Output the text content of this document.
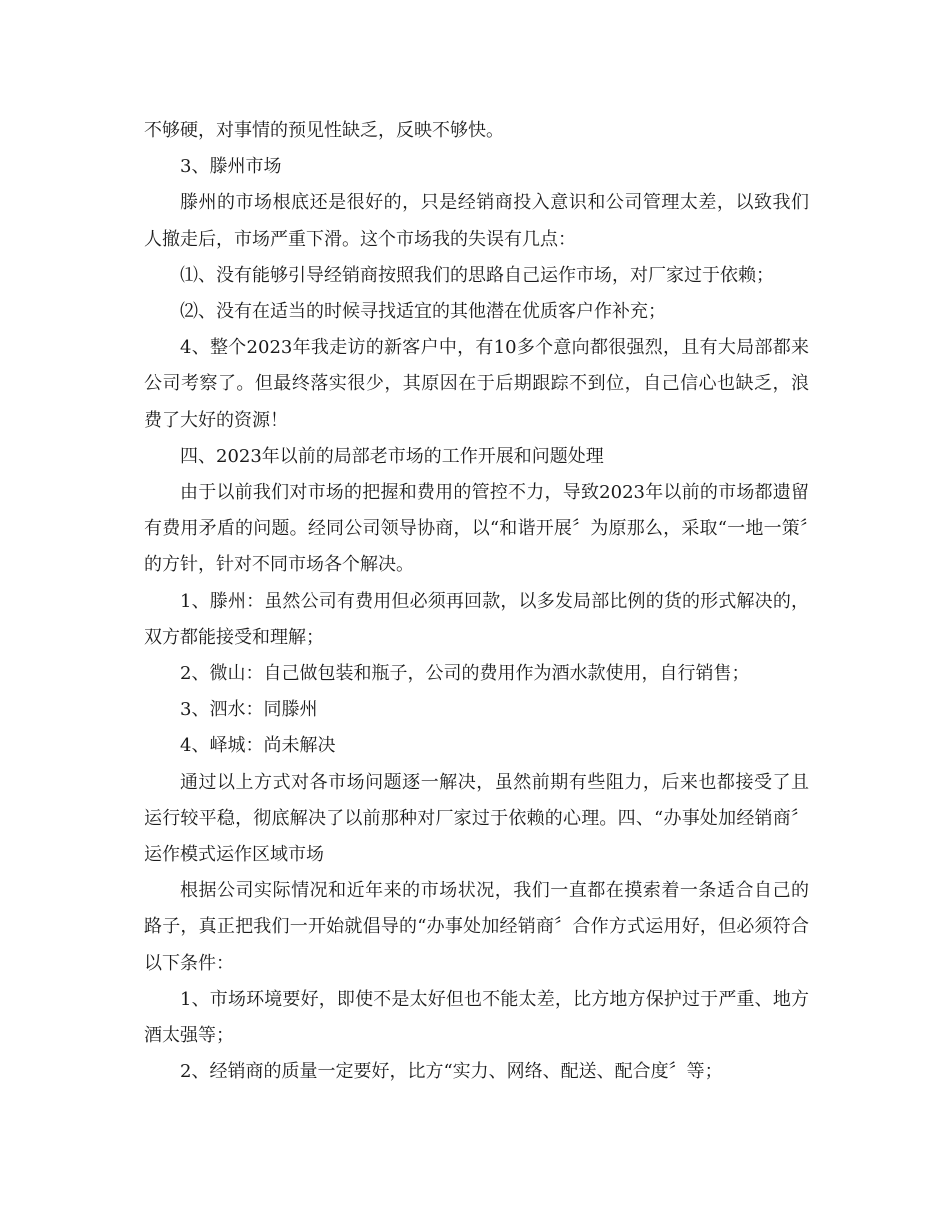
不够硬，对事情的预见性缺乏，反映不够快。

3、滕州市场

滕州的市场根底还是很好的，只是经销商投入意识和公司管理太差，以致我们人撤走后，市场严重下滑。这个市场我的失误有几点：

⑴、没有能够引导经销商按照我们的思路自己运作市场，对厂家过于依赖；

⑵、没有在适当的时候寻找适宜的其他潜在优质客户作补充；

4、整个2023年我走访的新客户中，有10多个意向都很强烈，且有大局部都来公司考察了。但最终落实很少，其原因在于后期跟踪不到位，自己信心也缺乏，浪费了大好的资源！

四、2023年以前的局部老市场的工作开展和问题处理

由于以前我们对市场的把握和费用的管控不力，导致2023年以前的市场都遗留有费用矛盾的问题。经同公司领导协商，以“和谐开展〞为原那么，采取“一地一策〞的方针，针对不同市场各个解决。

1、滕州：虽然公司有费用但必须再回款，以多发局部比例的货的形式解决的，双方都能接受和理解；

2、微山：自己做包装和瓶子，公司的费用作为酒水款使用，自行销售；

3、泗水：同滕州

4、峄城：尚未解决

通过以上方式对各市场问题逐一解决，虽然前期有些阻力，后来也都接受了且运行较平稳，彻底解决了以前那种对厂家过于依赖的心理。四、“办事处加经销商〞运作模式运作区域市场

根据公司实际情况和近年来的市场状况，我们一直都在摸索着一条适合自己的路子，真正把我们一开始就倡导的“办事处加经销商〞合作方式运用好，但必须符合以下条件：

1、市场环境要好，即使不是太好但也不能太差，比方地方保护过于严重、地方酒太强等；

2、经销商的质量一定要好，比方“实力、网络、配送、配合度〞等；
